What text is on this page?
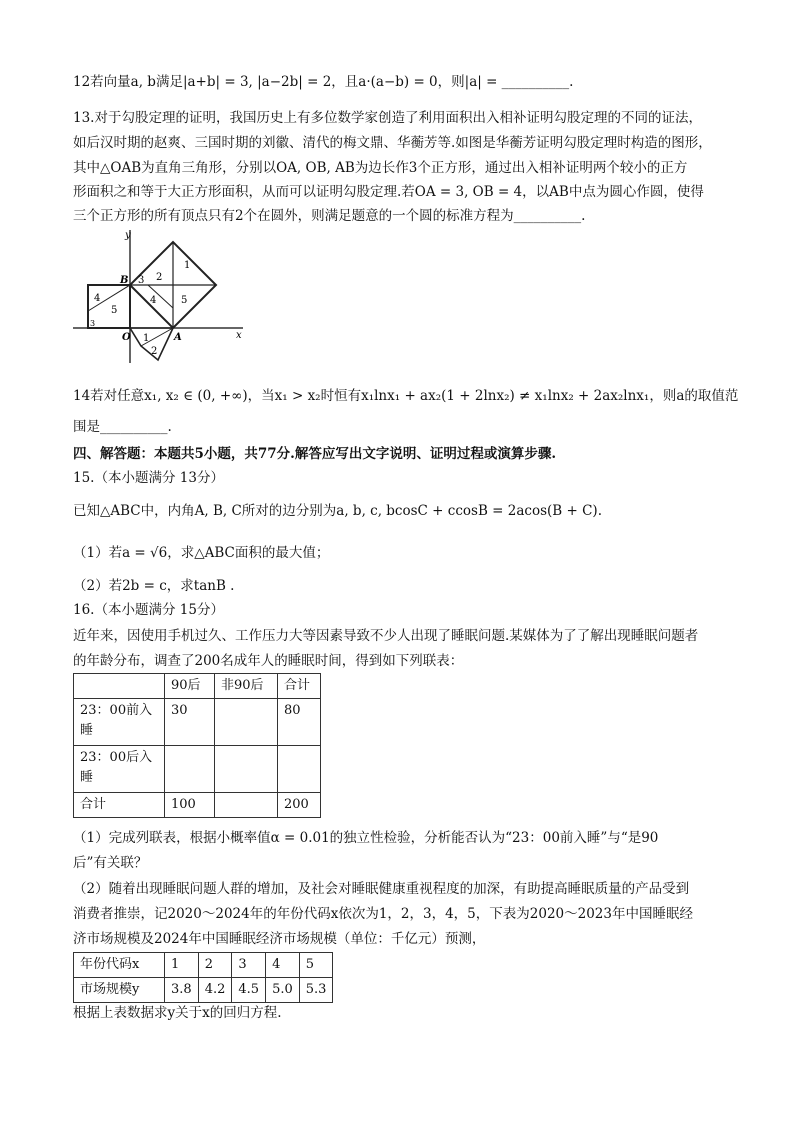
12若向量a, b满足|a+b| = 3, |a−2b| = 2，且a·(a−b) = 0，则|a| = __________.
13.对于勾股定理的证明，我国历史上有多位数学家创造了利用面积出入相补证明勾股定理的不同的证法，
如后汉时期的赵爽、三国时期的刘徽、清代的梅文鼎、华蘅芳等.如图是华蘅芳证明勾股定理时构造的图形，
其中△OAB为直角三角形，分别以OA, OB, AB为边长作3个正方形，通过出入相补证明两个较小的正方
形面积之和等于大正方形面积，从而可以证明勾股定理.若OA = 3, OB = 4，以AB中点为圆心作圆，使得
三个正方形的所有顶点只有2个在圆外，则满足题意的一个圆的标准方程为__________.
y
x
O	A
B
1
2
3
4 5
4
5
1
2
3
14若对任意x₁, x₂ ∈ (0, +∞)，当x₁ > x₂时恒有x₁lnx₁ + ax₂(1 + 2lnx₂) ≠ x₁lnx₂ + 2ax₂lnx₁，则a的取值范
围是__________.
四、解答题：本题共5小题，共77分.解答应写出文字说明、证明过程或演算步骤.
15.（本小题满分 13分）
已知△ABC中，内角A, B, C所对的边分别为a, b, c, bcosC + ccosB = 2acos(B + C).
（1）若a = √6，求△ABC面积的最大值；
（2）若2b = c，求tanB .
16.（本小题满分 15分）
近年来，因使用手机过久、工作压力大等因素导致不少人出现了睡眠问题.某媒体为了了解出现睡眠问题者
的年龄分布，调查了200名成年人的睡眠时间，得到如下列联表：
	90后	非90后	合计
23：00前入睡	30		80
23：00后入睡			
合计	100		200
（1）完成列联表，根据小概率值α = 0.01的独立性检验，分析能否认为“23：00前入睡”与“是90
后”有关联？
（2）随着出现睡眠问题人群的增加，及社会对睡眠健康重视程度的加深，有助提高睡眠质量的产品受到
消费者推崇，记2020～2024年的年份代码x依次为1，2，3，4，5，下表为2020～2023年中国睡眠经
济市场规模及2024年中国睡眠经济市场规模（单位：千亿元）预测，
年份代码x	1	2	3	4	5
市场规模y	3.8	4.2	4.5	5.0	5.3
根据上表数据求y关于x的回归方程.
